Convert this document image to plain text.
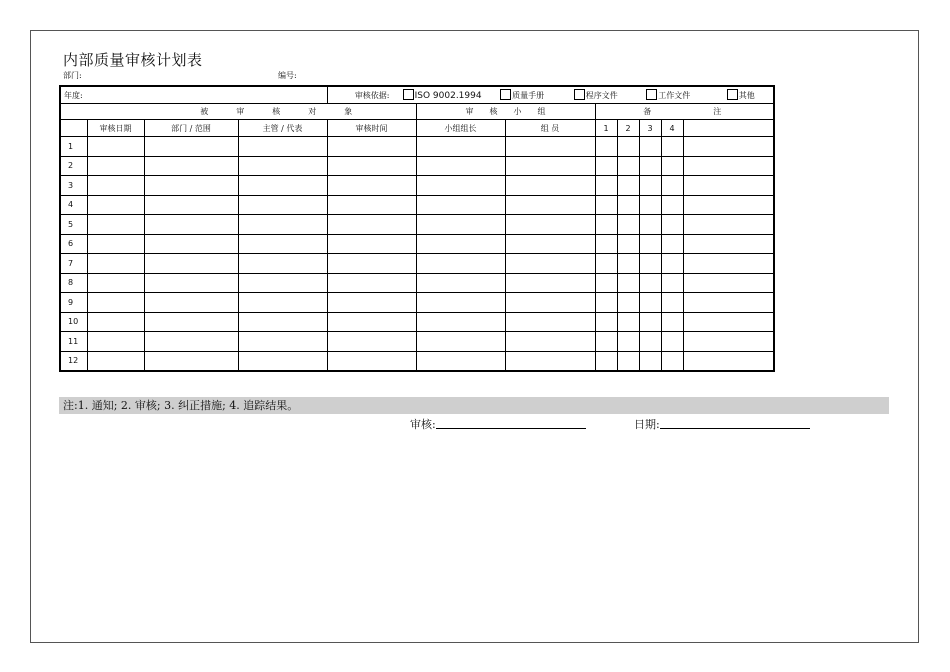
内部质量审核计划表
部门:	编号:
年度:				审核依据: ISO 9002.1994 质量手册 程序文件 工作文件 其他							
被 审 核 对 象					审 核 小 组		备 注				
	审核日期	部门 / 范围	主管 / 代表	审核时间	小组组长	组 员	1	2	3	4	
1											
2											
3											
4											
5											
6											
7											
8											
9											
10											
11											
12											
注:1. 通知; 2. 审核; 3. 纠正措施; 4. 追踪结果。
审核:	日期:
